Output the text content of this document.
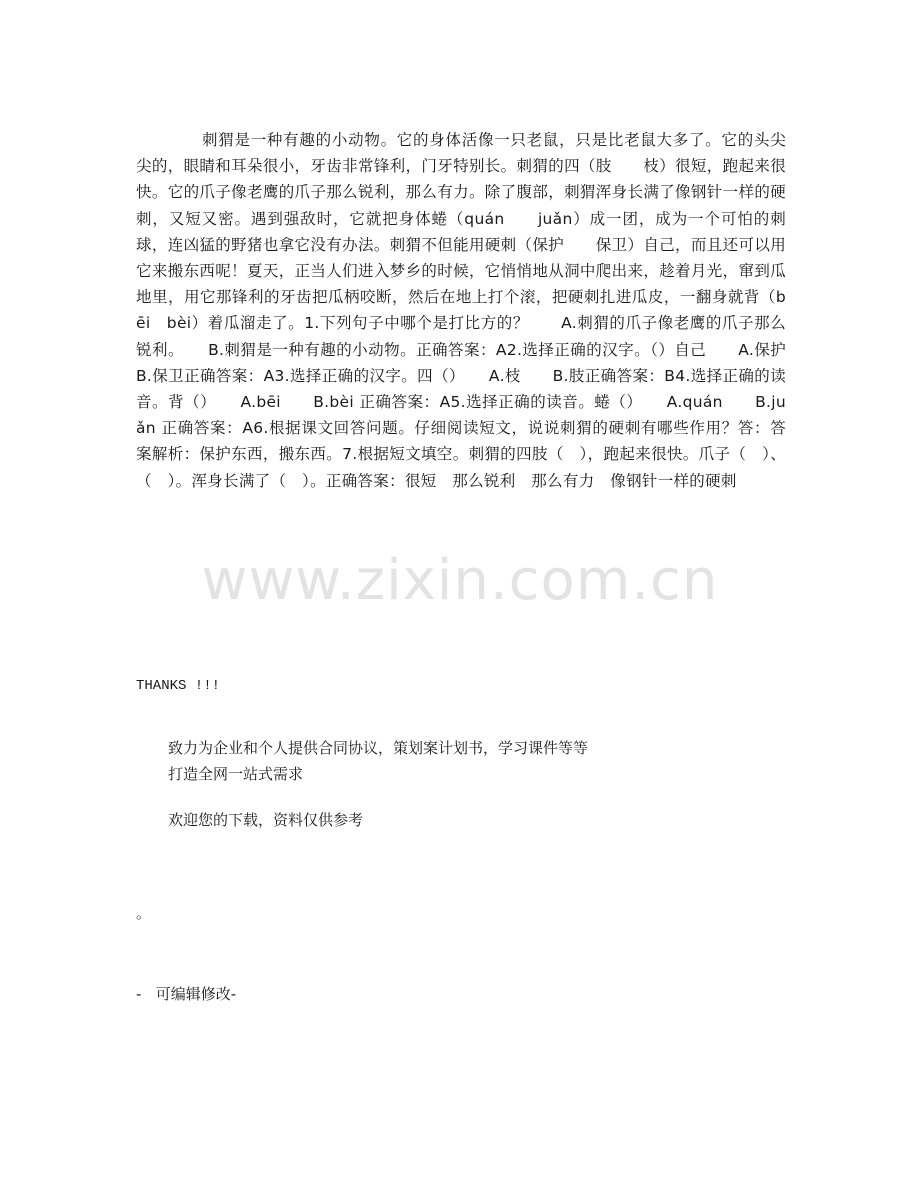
刺猬是一种有趣的小动物。它的身体活像一只老鼠，只是比老鼠大多了。它的头尖尖的，眼睛和耳朵很小，牙齿非常锋利，门牙特别长。刺猬的四（肢　　枝）很短，跑起来很快。它的爪子像老鹰的爪子那么锐利，那么有力。除了腹部，刺猬浑身长满了像钢针一样的硬刺，又短又密。遇到强敌时，它就把身体蜷（quán　　juǎn）成一团，成为一个可怕的刺球，连凶猛的野猪也拿它没有办法。刺猬不但能用硬刺（保护　　保卫）自己，而且还可以用它来搬东西呢！夏天，正当人们进入梦乡的时候，它悄悄地从洞中爬出来，趁着月光，窜到瓜地里，用它那锋利的牙齿把瓜柄咬断，然后在地上打个滚，把硬刺扎进瓜皮，一翻身就背（bēi　bèi）着瓜溜走了。1.下列句子中哪个是打比方的？　　A.刺猬的爪子像老鹰的爪子那么锐利。　　B.刺猬是一种有趣的小动物。正确答案：A2.选择正确的汉字。（）自己　　A.保护　　B.保卫正确答案：A3.选择正确的汉字。四（）　　A.枝　　B.肢正确答案：B4.选择正确的读音。背（）　　A.bēi　　B.bèi 正确答案：A5.选择正确的读音。蜷（）　　A.quán　　B.juǎn 正确答案：A6.根据课文回答问题。仔细阅读短文，说说刺猬的硬刺有哪些作用？答：答案解析：保护东西，搬东西。7.根据短文填空。刺猬的四肢（　），跑起来很快。爪子（　）、（　）。浑身长满了（　）。正确答案：很短　那么锐利　那么有力　像钢针一样的硬刺

www.zixin.com.cn

THANKS !!!

致力为企业和个人提供合同协议，策划案计划书，学习课件等等

打造全网一站式需求

欢迎您的下载，资料仅供参考

。

-   可编辑修改-
